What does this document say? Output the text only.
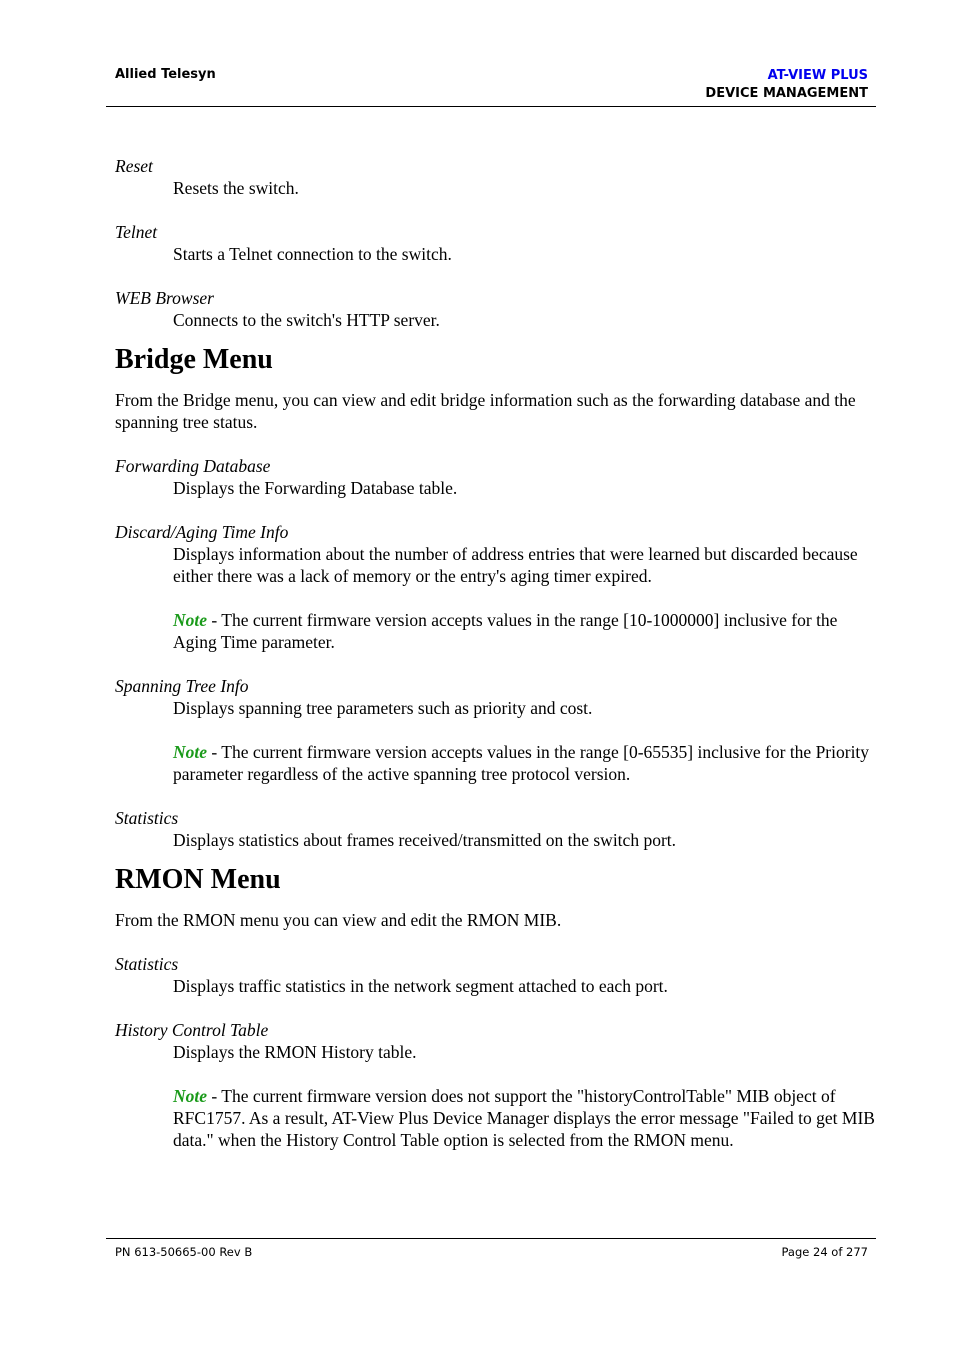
Allied Telesyn	AT-VIEW PLUS
DEVICE MANAGEMENT

Reset

Resets the switch.

Telnet

Starts a Telnet connection to the switch.

WEB Browser

Connects to the switch's HTTP server.

Bridge Menu

From the Bridge menu, you can view and edit bridge information such as the forwarding database and the spanning tree status.

Forwarding Database

Displays the Forwarding Database table.

Discard/Aging Time Info

Displays information about the number of address entries that were learned but discarded because either there was a lack of memory or the entry's aging timer expired.

Note - The current firmware version accepts values in the range [10-1000000] inclusive for the Aging Time parameter.

Spanning Tree Info

Displays spanning tree parameters such as priority and cost.

Note - The current firmware version accepts values in the range [0-65535] inclusive for the Priority parameter regardless of the active spanning tree protocol version.

Statistics

Displays statistics about frames received/transmitted on the switch port.

RMON Menu

From the RMON menu you can view and edit the RMON MIB.

Statistics

Displays traffic statistics in the network segment attached to each port.

History Control Table

Displays the RMON History table.

Note - The current firmware version does not support the "historyControlTable" MIB object of RFC1757. As a result, AT-View Plus Device Manager displays the error message "Failed to get MIB data." when the History Control Table option is selected from the RMON menu.

PN 613-50665-00 Rev B	Page 24 of 277
